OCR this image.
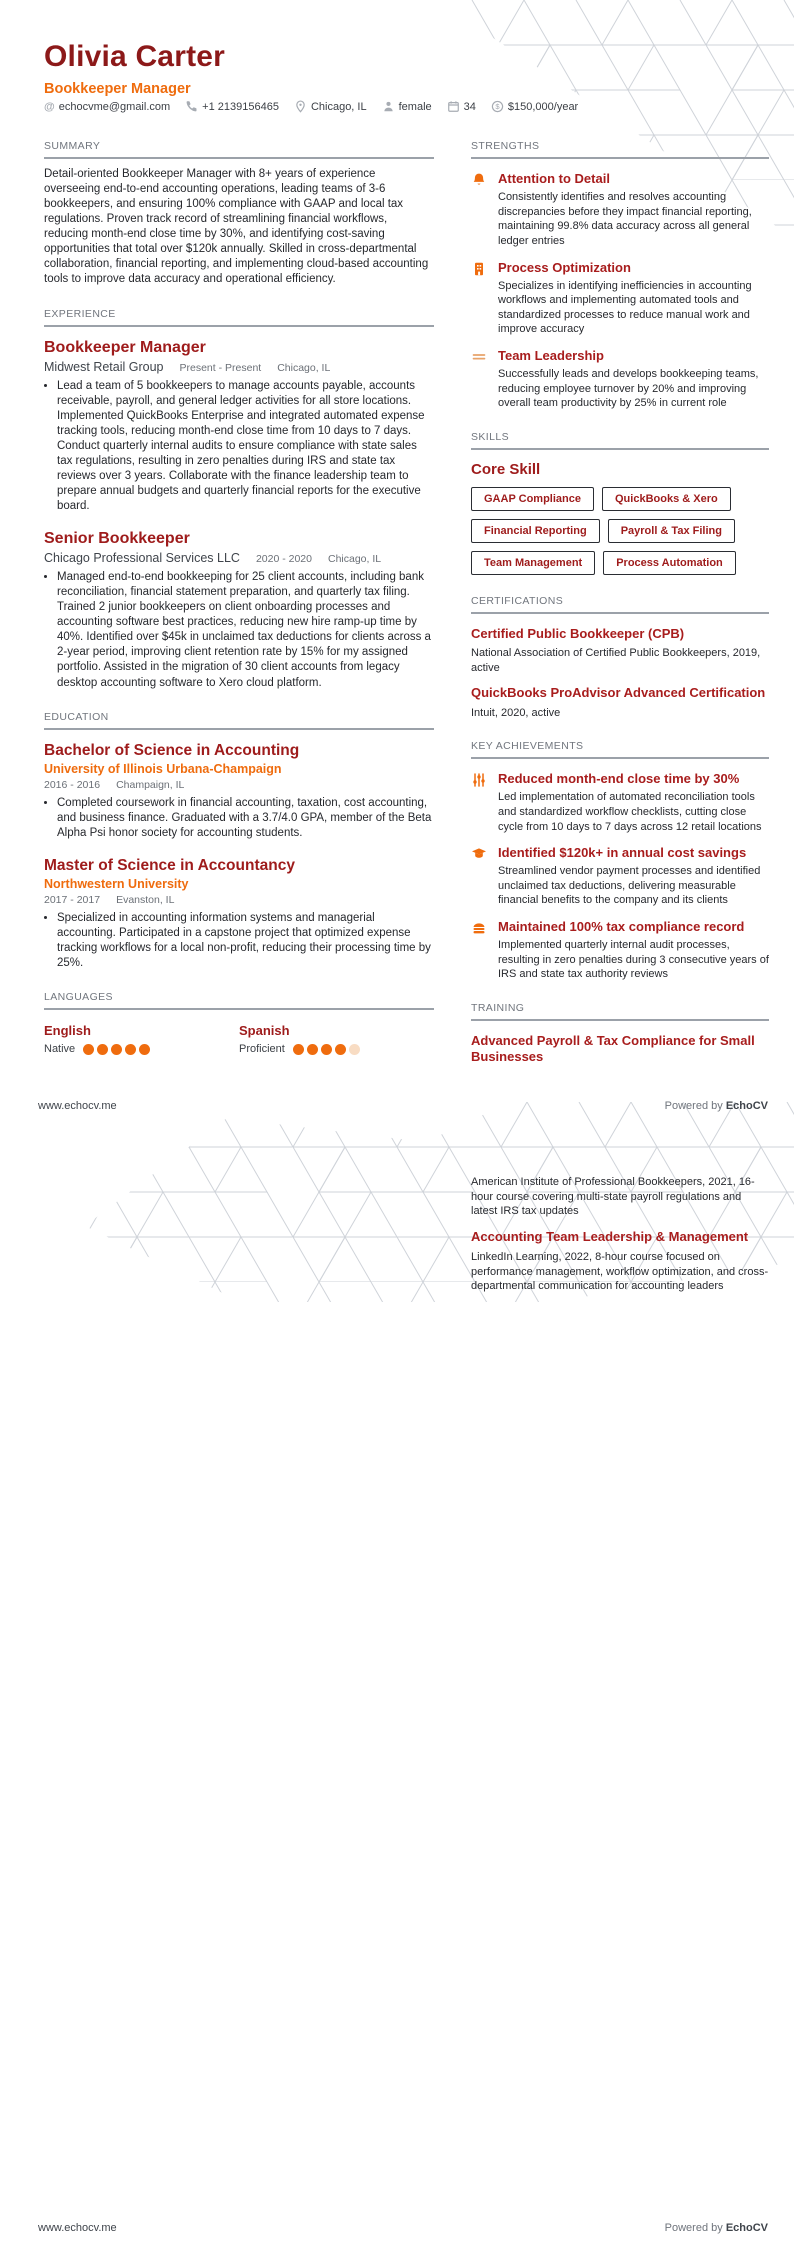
Olivia Carter
Bookkeeper Manager
@ echocvme@gmail.com	+1 2139156465	Chicago, IL	female	34	$ $150,000/year
SUMMARY

Detail-oriented Bookkeeper Manager with 8+ years of experience overseeing end-to-end accounting operations, leading teams of 3-6 bookkeepers, and ensuring 100% compliance with GAAP and local tax regulations. Proven track record of streamlining financial workflows, reducing month-end close time by 30%, and identifying cost-saving opportunities that total over $120k annually. Skilled in cross-departmental collaboration, financial reporting, and implementing cloud-based accounting tools to improve data accuracy and operational efficiency.

EXPERIENCE
Bookkeeper Manager
Midwest Retail Group Present - Present Chicago, IL
• Lead a team of 5 bookkeepers to manage accounts payable, accounts receivable, payroll, and general ledger activities for all store locations. Implemented QuickBooks Enterprise and integrated automated expense tracking tools, reducing month-end close time from 10 days to 7 days. Conduct quarterly internal audits to ensure compliance with state sales tax regulations, resulting in zero penalties during IRS and state tax reviews over 3 years. Collaborate with the finance leadership team to prepare annual budgets and quarterly financial reports for the executive board.
Senior Bookkeeper
Chicago Professional Services LLC 2020 - 2020 Chicago, IL
• Managed end-to-end bookkeeping for 25 client accounts, including bank reconciliation, financial statement preparation, and quarterly tax filing. Trained 2 junior bookkeepers on client onboarding processes and accounting software best practices, reducing new hire ramp-up time by 40%. Identified over $45k in unclaimed tax deductions for clients across a 2-year period, improving client retention rate by 15% for my assigned portfolio. Assisted in the migration of 30 client accounts from legacy desktop accounting software to Xero cloud platform.
EDUCATION
Bachelor of Science in Accounting
University of Illinois Urbana-Champaign
2016 - 2016 Champaign, IL
• Completed coursework in financial accounting, taxation, cost accounting, and business finance. Graduated with a 3.7/4.0 GPA, member of the Beta Alpha Psi honor society for accounting students.
Master of Science in Accountancy
Northwestern University
2017 - 2017 Evanston, IL
• Specialized in accounting information systems and managerial accounting. Participated in a capstone project that optimized expense tracking workflows for a local non-profit, reducing their processing time by 25%.
LANGUAGES
English
Native
Spanish
Proficient
STRENGTHS
Attention to Detail
Consistently identifies and resolves accounting discrepancies before they impact financial reporting, maintaining 99.8% data accuracy across all general ledger entries
Process Optimization
Specializes in identifying inefficiencies in accounting workflows and implementing automated tools and standardized processes to reduce manual work and improve accuracy
Team Leadership
Successfully leads and develops bookkeeping teams, reducing employee turnover by 20% and improving overall team productivity by 25% in current role
SKILLS
Core Skill
GAAP Compliance	QuickBooks & Xero
Financial Reporting	Payroll & Tax Filing
Team Management	Process Automation
CERTIFICATIONS
Certified Public Bookkeeper (CPB)
National Association of Certified Public Bookkeepers, 2019, active
QuickBooks ProAdvisor Advanced Certification
Intuit, 2020, active
KEY ACHIEVEMENTS
Reduced month-end close time by 30%
Led implementation of automated reconciliation tools and standardized workflow checklists, cutting close cycle from 10 days to 7 days across 12 retail locations
Identified $120k+ in annual cost savings
Streamlined vendor payment processes and identified unclaimed tax deductions, delivering measurable financial benefits to the company and its clients
Maintained 100% tax compliance record
Implemented quarterly internal audit processes, resulting in zero penalties during 3 consecutive years of IRS and state tax authority reviews
TRAINING
Advanced Payroll & Tax Compliance for Small Businesses
www.echocv.me	Powered by EchoCV
American Institute of Professional Bookkeepers, 2021, 16-hour course covering multi-state payroll regulations and latest IRS tax updates
Accounting Team Leadership & Management
LinkedIn Learning, 2022, 8-hour course focused on performance management, workflow optimization, and cross-departmental communication for accounting leaders
www.echocv.me	Powered by EchoCV
